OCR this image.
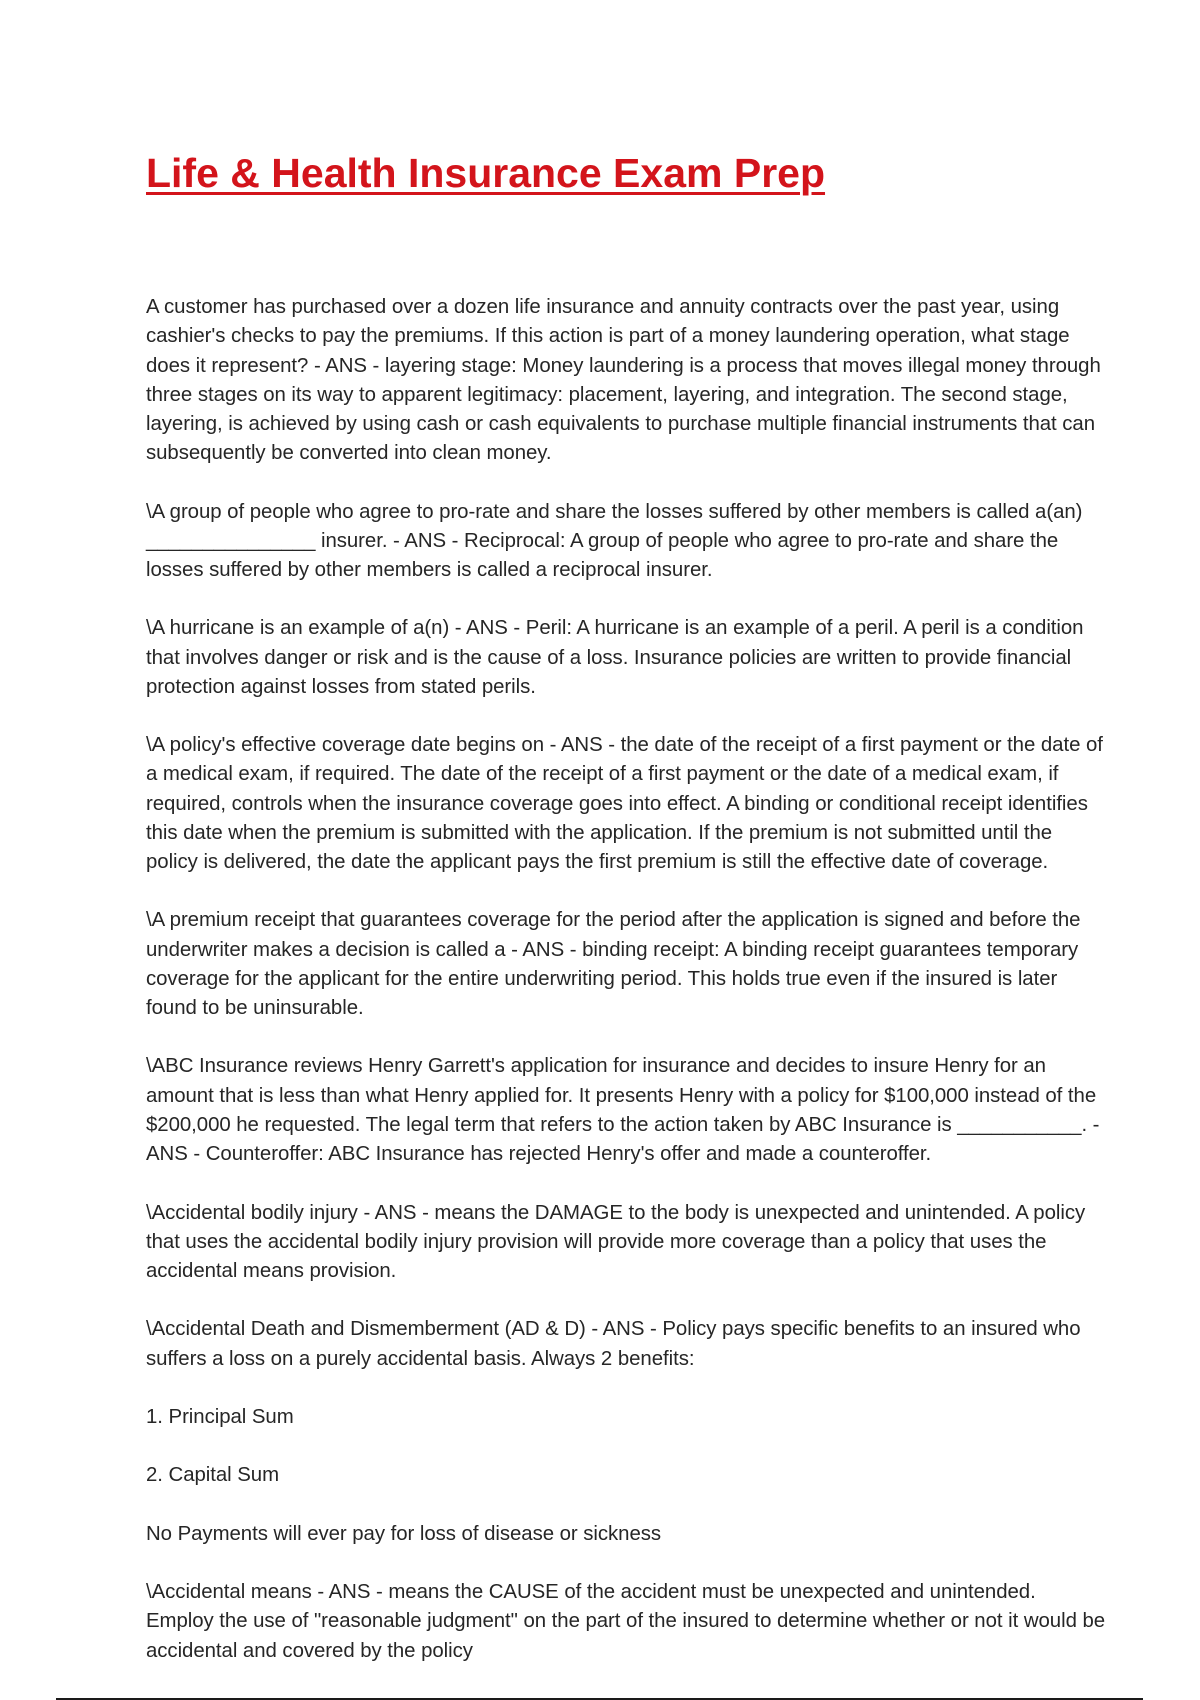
Life & Health Insurance Exam Prep

A customer has purchased over a dozen life insurance and annuity contracts over the past year, using cashier's checks to pay the premiums. If this action is part of a money laundering operation, what stage does it represent? - ANS - layering stage: Money laundering is a process that moves illegal money through three stages on its way to apparent legitimacy: placement, layering, and integration. The second stage, layering, is achieved by using cash or cash equivalents to purchase multiple financial instruments that can subsequently be converted into clean money.

\A group of people who agree to pro-rate and share the losses suffered by other members is called a(an) _______________ insurer. - ANS - Reciprocal: A group of people who agree to pro-rate and share the losses suffered by other members is called a reciprocal insurer.

\A hurricane is an example of a(n) - ANS - Peril: A hurricane is an example of a peril. A peril is a condition that involves danger or risk and is the cause of a loss. Insurance policies are written to provide financial protection against losses from stated perils.

\A policy's effective coverage date begins on - ANS - the date of the receipt of a first payment or the date of a medical exam, if required. The date of the receipt of a first payment or the date of a medical exam, if required, controls when the insurance coverage goes into effect. A binding or conditional receipt identifies this date when the premium is submitted with the application. If the premium is not submitted until the policy is delivered, the date the applicant pays the first premium is still the effective date of coverage.

\A premium receipt that guarantees coverage for the period after the application is signed and before the underwriter makes a decision is called a - ANS - binding receipt: A binding receipt guarantees temporary coverage for the applicant for the entire underwriting period. This holds true even if the insured is later found to be uninsurable.

\ABC Insurance reviews Henry Garrett's application for insurance and decides to insure Henry for an amount that is less than what Henry applied for. It presents Henry with a policy for $100,000 instead of the $200,000 he requested. The legal term that refers to the action taken by ABC Insurance is ___________. - ANS - Counteroffer: ABC Insurance has rejected Henry's offer and made a counteroffer.

\Accidental bodily injury - ANS - means the DAMAGE to the body is unexpected and unintended. A policy that uses the accidental bodily injury provision will provide more coverage than a policy that uses the accidental means provision.

\Accidental Death and Dismemberment (AD & D) - ANS - Policy pays specific benefits to an insured who suffers a loss on a purely accidental basis. Always 2 benefits:

1. Principal Sum

2. Capital Sum

No Payments will ever pay for loss of disease or sickness

\Accidental means - ANS - means the CAUSE of the accident must be unexpected and unintended. Employ the use of "reasonable judgment" on the part of the insured to determine whether or not it would be accidental and covered by the policy
